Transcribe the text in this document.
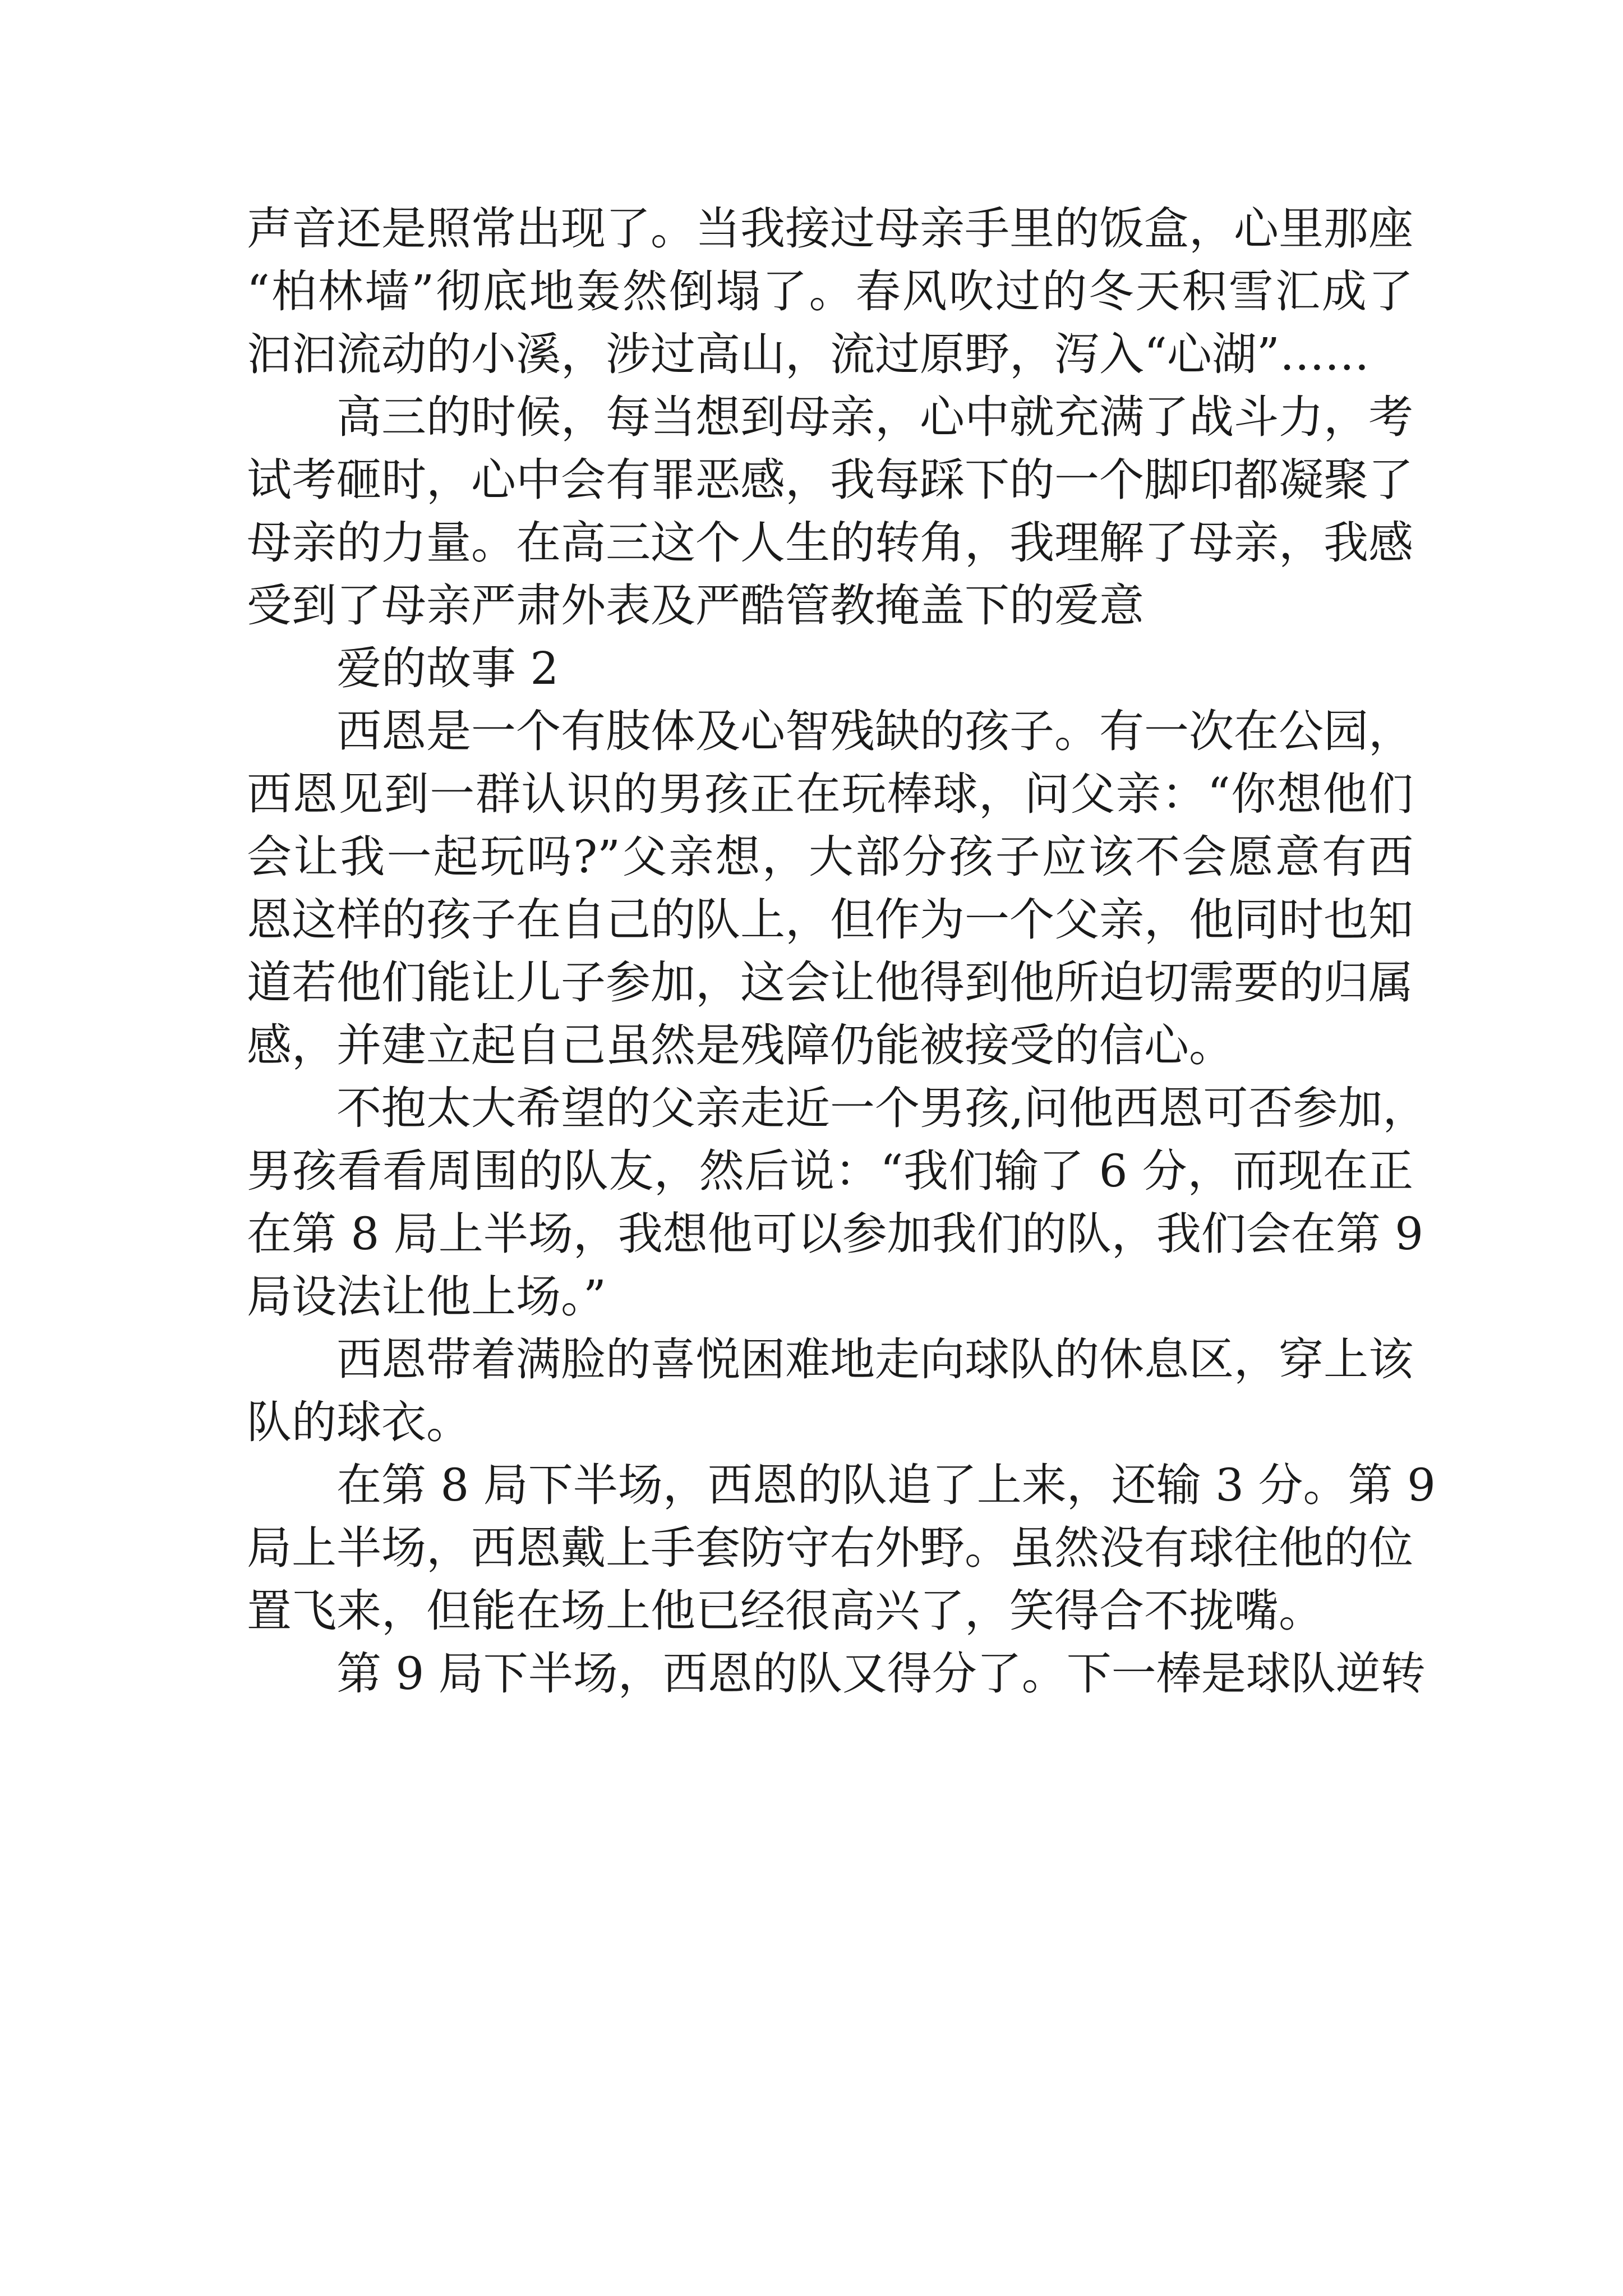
声音还是照常出现了。当我接过母亲手里的饭盒，心里那座
“柏林墙”彻底地轰然倒塌了。春风吹过的冬天积雪汇成了
汩汩流动的小溪，涉过高山，流过原野，泻入“心湖”……
　　高三的时候，每当想到母亲，心中就充满了战斗力，考
试考砸时，心中会有罪恶感，我每踩下的一个脚印都凝聚了
母亲的力量。在高三这个人生的转角，我理解了母亲，我感
受到了母亲严肃外表及严酷管教掩盖下的爱意
　　爱的故事 2
　　西恩是一个有肢体及心智残缺的孩子。有一次在公园，
西恩见到一群认识的男孩正在玩棒球，问父亲：“你想他们
会让我一起玩吗?”父亲想，大部分孩子应该不会愿意有西
恩这样的孩子在自己的队上，但作为一个父亲，他同时也知
道若他们能让儿子参加，这会让他得到他所迫切需要的归属
感，并建立起自己虽然是残障仍能被接受的信心。
　　不抱太大希望的父亲走近一个男孩,问他西恩可否参加，
男孩看看周围的队友，然后说：“我们输了 6 分，而现在正
在第 8 局上半场，我想他可以参加我们的队，我们会在第 9
局设法让他上场。”
　　西恩带着满脸的喜悦困难地走向球队的休息区，穿上该
队的球衣。
　　在第 8 局下半场，西恩的队追了上来，还输 3 分。第 9
局上半场，西恩戴上手套防守右外野。虽然没有球往他的位
置飞来，但能在场上他已经很高兴了，笑得合不拢嘴。
　　第 9 局下半场，西恩的队又得分了。下一棒是球队逆转
